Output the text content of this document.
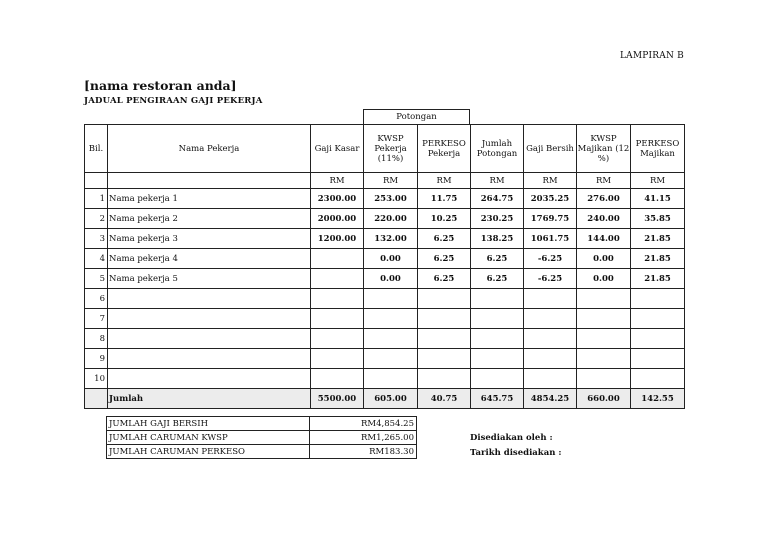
LAMPIRAN B
[nama restoran anda]
JADUAL PENGIRAAN GAJI PEKERJA
Potongan
Bil.	Nama Pekerja	Gaji Kasar	KWSP Pekerja (11%)	PERKESO Pekerja	Jumlah Potongan	Gaji Bersih	KWSP Majikan (12 %)	PERKESO Majikan
		RM	RM	RM	RM	RM	RM	RM
1	Nama pekerja 1	2300.00	253.00	11.75	264.75	2035.25	276.00	41.15
2	Nama pekerja 2	2000.00	220.00	10.25	230.25	1769.75	240.00	35.85
3	Nama pekerja 3	1200.00	132.00	6.25	138.25	1061.75	144.00	21.85
4	Nama pekerja 4		0.00	6.25	6.25	-6.25	0.00	21.85
5	Nama pekerja 5		0.00	6.25	6.25	-6.25	0.00	21.85
6								
7								
8								
9								
10								
	Jumlah	5500.00	605.00	40.75	645.75	4854.25	660.00	142.55
JUMLAH GAJI BERSIH	RM4,854.25
JUMLAH CARUMAN KWSP	RM1,265.00
JUMLAH CARUMAN PERKESO	RM183.30
Disediakan oleh :
Tarikh disediakan :
